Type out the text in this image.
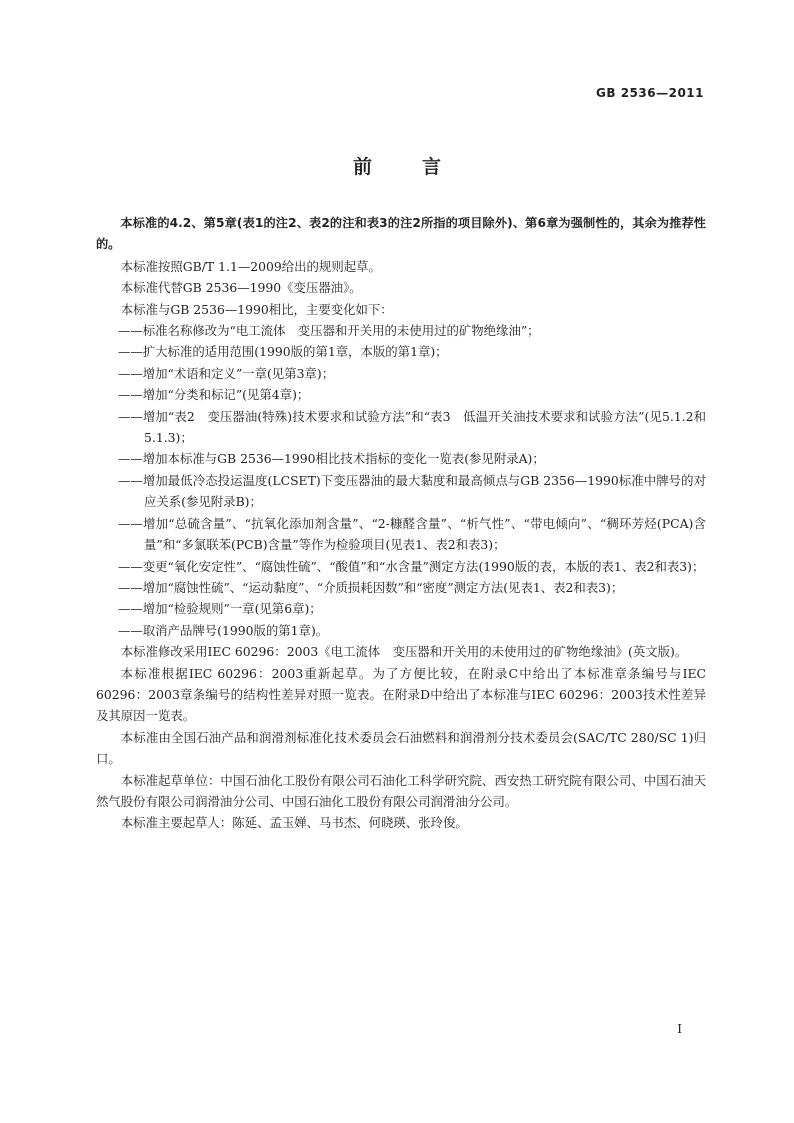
GB 2536—2011
前言

本标准的4.2、第5章(表1的注2、表2的注和表3的注2所指的项目除外)、第6章为强制性的，其余为推荐性的。

本标准按照GB/T 1.1—2009给出的规则起草。

本标准代替GB 2536—1990《变压器油》。

本标准与GB 2536—1990相比，主要变化如下：

——标准名称修改为“电工流体　变压器和开关用的未使用过的矿物绝缘油”；

——扩大标准的适用范围(1990版的第1章，本版的第1章)；

——增加“术语和定义”一章(见第3章)；

——增加“分类和标记”(见第4章)；

——增加“表2　变压器油(特殊)技术要求和试验方法”和“表3　低温开关油技术要求和试验方法”(见5.1.2和5.1.3)；

——增加本标准与GB 2536—1990相比技术指标的变化一览表(参见附录A)；

——增加最低冷态投运温度(LCSET)下变压器油的最大黏度和最高倾点与GB 2356—1990标准中牌号的对应关系(参见附录B)；

——增加“总硫含量”、“抗氧化添加剂含量”、“2-糠醛含量”、“析气性”、“带电倾向”、“稠环芳烃(PCA)含量”和“多氯联苯(PCB)含量”等作为检验项目(见表1、表2和表3)；

——变更“氧化安定性”、“腐蚀性硫”、“酸值”和“水含量”测定方法(1990版的表，本版的表1、表2和表3)；

——增加“腐蚀性硫”、“运动黏度”、“介质损耗因数”和“密度”测定方法(见表1、表2和表3)；

——增加“检验规则”一章(见第6章)；

——取消产品牌号(1990版的第1章)。

本标准修改采用IEC 60296：2003《电工流体　变压器和开关用的未使用过的矿物绝缘油》(英文版)。

本标准根据IEC 60296：2003重新起草。为了方便比较，在附录C中给出了本标准章条编号与IEC 60296：2003章条编号的结构性差异对照一览表。在附录D中给出了本标准与IEC 60296：2003技术性差异及其原因一览表。

本标准由全国石油产品和润滑剂标准化技术委员会石油燃料和润滑剂分技术委员会(SAC/TC 280/SC 1)归口。

本标准起草单位：中国石油化工股份有限公司石油化工科学研究院、西安热工研究院有限公司、中国石油天然气股份有限公司润滑油分公司、中国石油化工股份有限公司润滑油分公司。

本标准主要起草人：陈延、孟玉婵、马书杰、何晓瑛、张玲俊。

I
